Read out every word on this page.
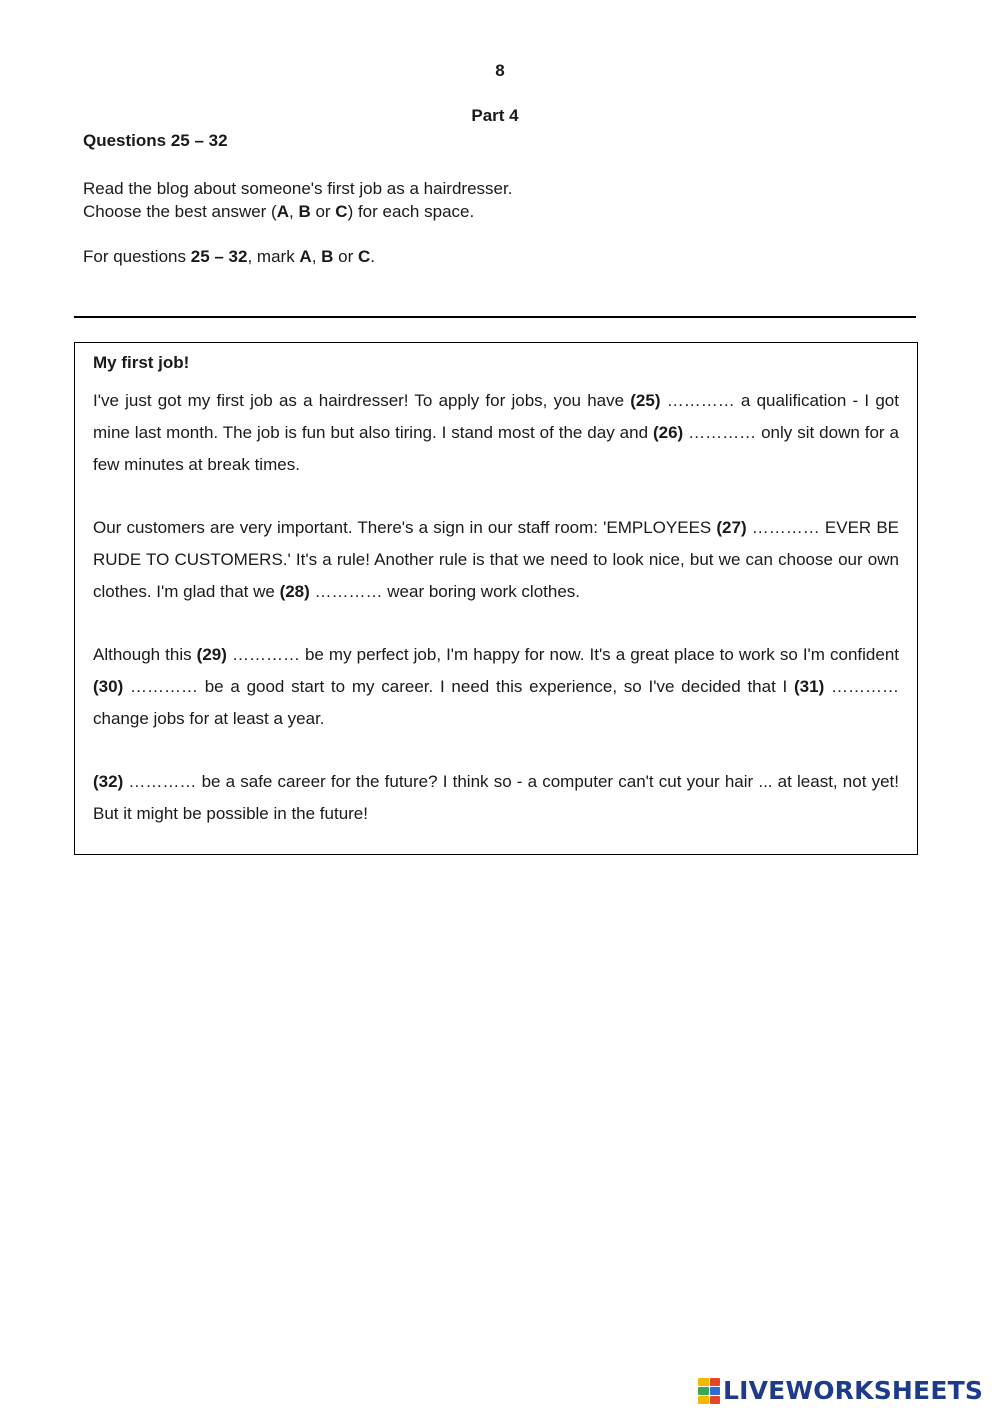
8
Part 4
Questions 25 – 32
Read the blog about someone's first job as a hairdresser.
Choose the best answer (A, B or C) for each space.
For questions 25 – 32, mark A, B or C.
My first job!

I've just got my first job as a hairdresser! To apply for jobs, you have (25) ………… a qualification - I got mine last month. The job is fun but also tiring. I stand most of the day and (26) ………… only sit down for a few minutes at break times.

Our customers are very important. There's a sign in our staff room: 'EMPLOYEES (27) ………… EVER BE RUDE TO CUSTOMERS.' It's a rule! Another rule is that we need to look nice, but we can choose our own clothes. I'm glad that we (28) ………… wear boring work clothes.

Although this (29) ………… be my perfect job, I'm happy for now. It's a great place to work so I'm confident (30) ………… be a good start to my career. I need this experience, so I've decided that I (31) ………… change jobs for at least a year.

(32) ………… be a safe career for the future? I think so - a computer can't cut your hair ... at least, not yet! But it might be possible in the future!

LIVEWORKSHEETS
